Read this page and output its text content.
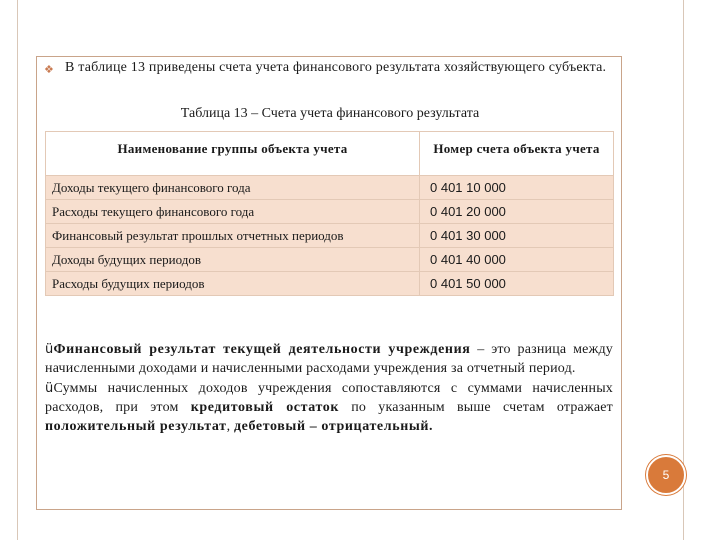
❖ В таблице 13 приведены счета учета финансового результата хозяйствующего субъекта.
Таблица 13 – Счета учета финансового результата
Наименование группы объекта учета	Номер счета объекта учета
Доходы текущего финансового года	0 401 10 000
Расходы текущего финансового года	0 401 20 000
Финансовый результат прошлых отчетных периодов	0 401 30 000
Доходы будущих периодов	0 401 40 000
Расходы будущих периодов	0 401 50 000
üФинансовый результат текущей деятельности учреждения – это разница между начисленными доходами и начисленными расходами учреждения за отчетный период.
üСуммы начисленных доходов учреждения сопоставляются с суммами начисленных расходов, при этом кредитовый остаток по указанным выше счетам отражает положительный результат, дебетовый – отрицательный.
5
